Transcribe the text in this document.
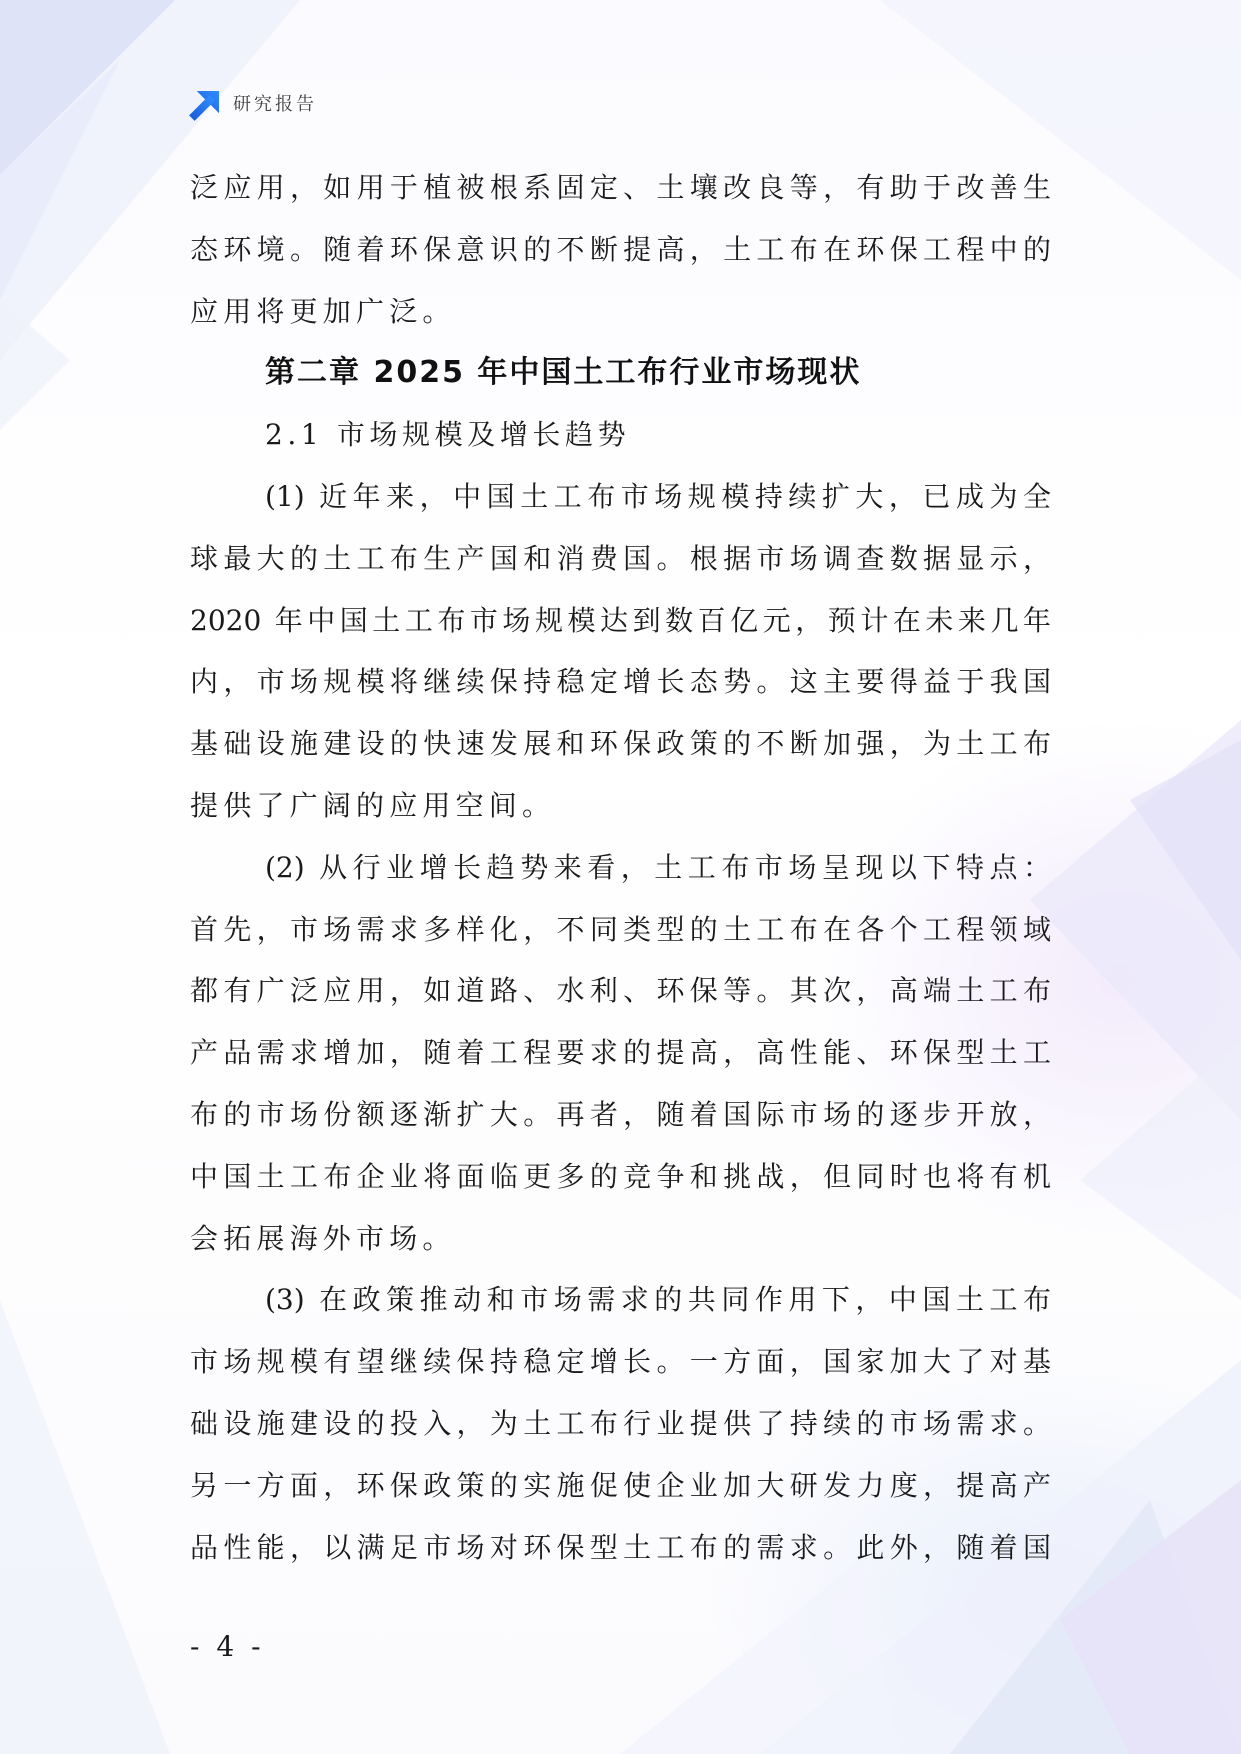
研究报告
泛应用，如用于植被根系固定、土壤改良等，有助于改善生
态环境。随着环保意识的不断提高，土工布在环保工程中的
应用将更加广泛。
第二章 2025 年中国土工布行业市场现状
2.1 市场规模及增长趋势
(1) 近年来，中国土工布市场规模持续扩大，已成为全
球最大的土工布生产国和消费国。根据市场调查数据显示，
2020 年中国土工布市场规模达到数百亿元，预计在未来几年
内，市场规模将继续保持稳定增长态势。这主要得益于我国
基础设施建设的快速发展和环保政策的不断加强，为土工布
提供了广阔的应用空间。
(2) 从行业增长趋势来看，土工布市场呈现以下特点：
首先，市场需求多样化，不同类型的土工布在各个工程领域
都有广泛应用，如道路、水利、环保等。其次，高端土工布
产品需求增加，随着工程要求的提高，高性能、环保型土工
布的市场份额逐渐扩大。再者，随着国际市场的逐步开放，
中国土工布企业将面临更多的竞争和挑战，但同时也将有机
会拓展海外市场。
(3) 在政策推动和市场需求的共同作用下，中国土工布
市场规模有望继续保持稳定增长。一方面，国家加大了对基
础设施建设的投入，为土工布行业提供了持续的市场需求。
另一方面，环保政策的实施促使企业加大研发力度，提高产
品性能，以满足市场对环保型土工布的需求。此外，随着国
- 4 -
